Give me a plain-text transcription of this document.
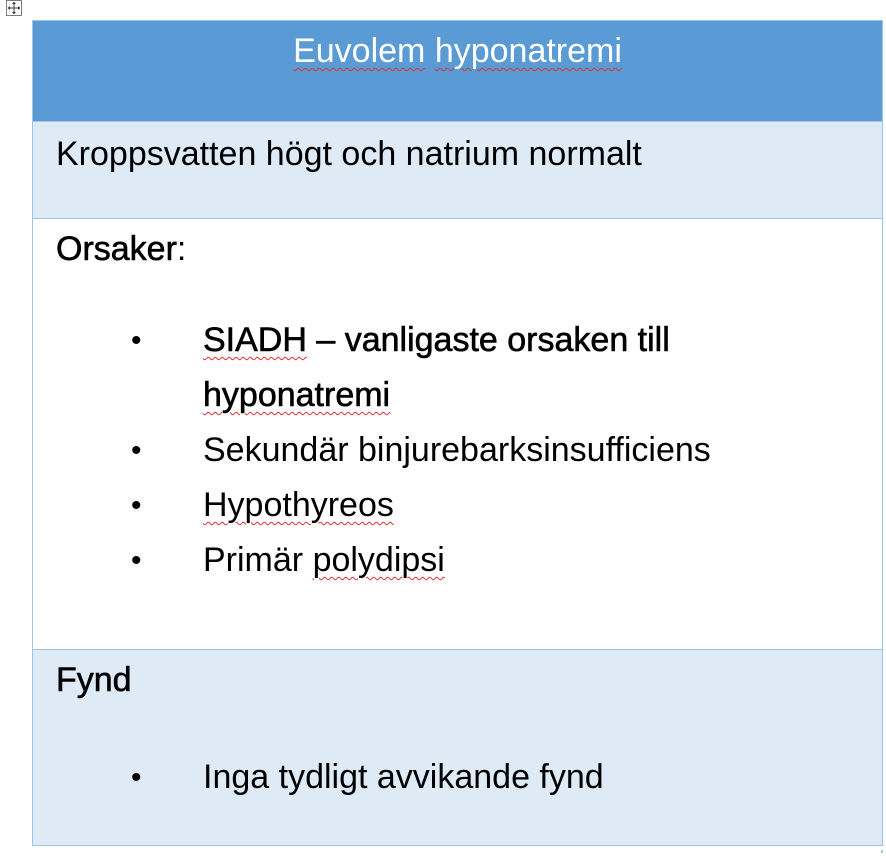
Euvolem hyponatremi

Kroppsvatten högt och natrium normalt

Orsaker:
• SIADH – vanligaste orsaken till hyponatremi
• Sekundär binjurebarksinsufficiens
• Hypothyreos
• Primär polydipsi

Fynd
• Inga tydligt avvikande fynd
